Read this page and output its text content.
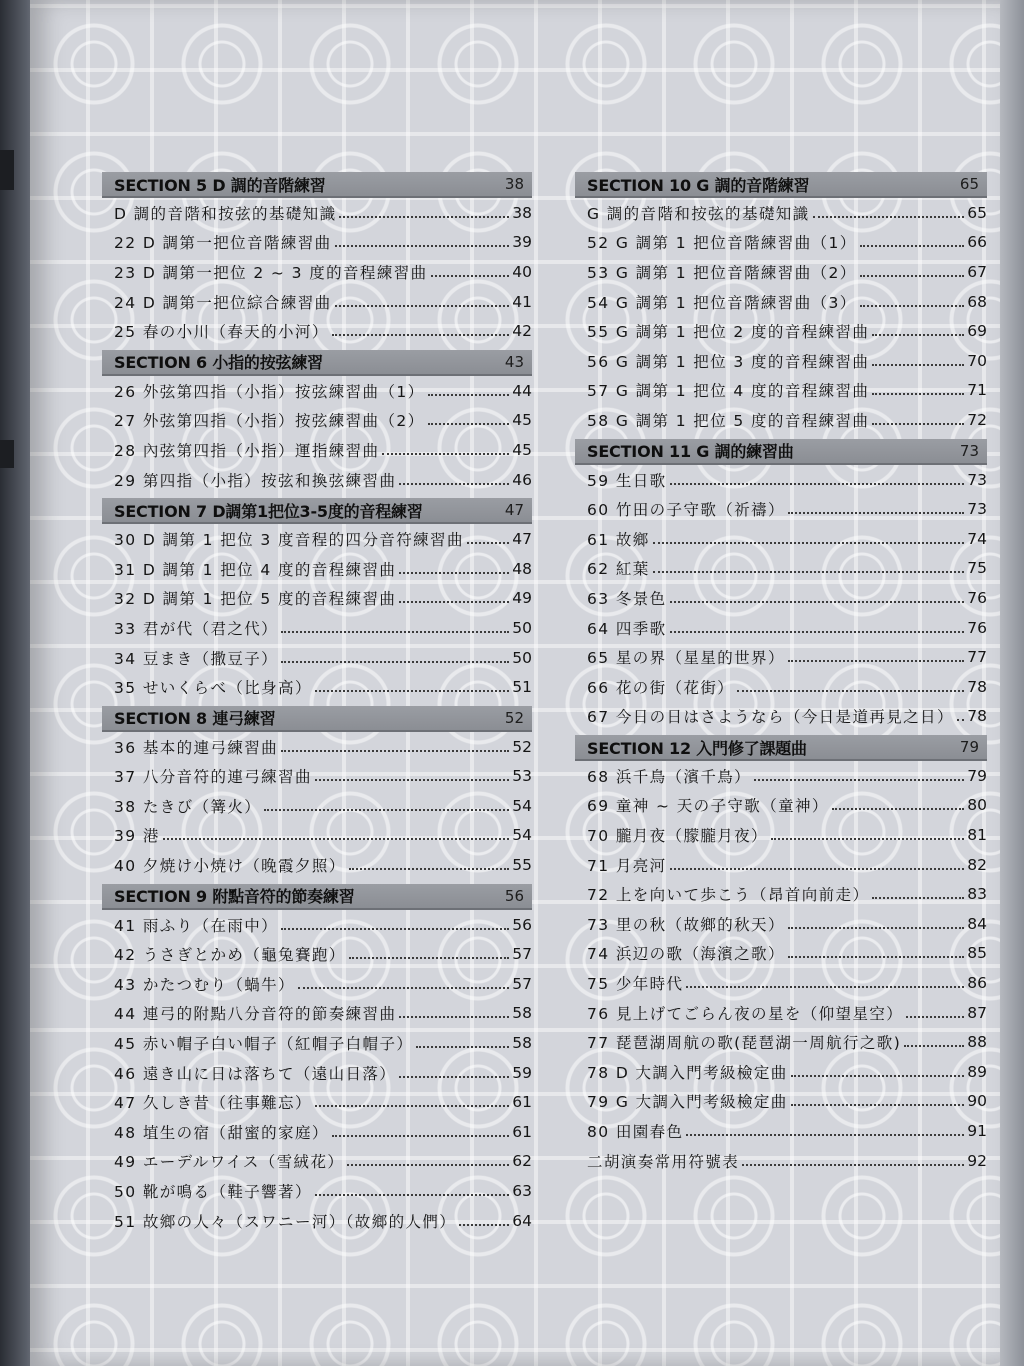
SECTION 5 D 調的音階練習	38
D 調的音階和按弦的基礎知識	38
22 D 調第一把位音階練習曲	39
23 D 調第一把位 2 ~ 3 度的音程練習曲	40
24 D 調第一把位綜合練習曲	41
25 春の小川（春天的小河）	42
SECTION 6 小指的按弦練習	43
26 外弦第四指（小指）按弦練習曲（1）	44
27 外弦第四指（小指）按弦練習曲（2）	45
28 內弦第四指（小指）運指練習曲	45
29 第四指（小指）按弦和換弦練習曲	46
SECTION 7 D調第1把位3-5度的音程練習	47
30 D 調第 1 把位 3 度音程的四分音符練習曲	47
31 D 調第 1 把位 4 度的音程練習曲	48
32 D 調第 1 把位 5 度的音程練習曲	49
33 君が代（君之代）	50
34 豆まき（撒豆子）	50
35 せいくらべ（比身高）	51
SECTION 8 連弓練習	52
36 基本的連弓練習曲	52
37 八分音符的連弓練習曲	53
38 たきび（篝火）	54
39 港	54
40 夕焼け小焼け（晚霞夕照）	55
SECTION 9 附點音符的節奏練習	56
41 雨ふり（在雨中）	56
42 うさぎとかめ（龜兔賽跑）	57
43 かたつむり（蝸牛）	57
44 連弓的附點八分音符的節奏練習曲	58
45 赤い帽子白い帽子（紅帽子白帽子）	58
46 遠き山に日は落ちて（遠山日落）	59
47 久しき昔（往事難忘）	61
48 埴生の宿（甜蜜的家庭）	61
49 エーデルワイス（雪絨花）	62
50 靴が鳴る（鞋子響著）	63
51 故鄉の人々（スワニー河）（故鄉的人們）	64
SECTION 10 G 調的音階練習	65
G 調的音階和按弦的基礎知識	65
52 G 調第 1 把位音階練習曲（1）	66
53 G 調第 1 把位音階練習曲（2）	67
54 G 調第 1 把位音階練習曲（3）	68
55 G 調第 1 把位 2 度的音程練習曲	69
56 G 調第 1 把位 3 度的音程練習曲	70
57 G 調第 1 把位 4 度的音程練習曲	71
58 G 調第 1 把位 5 度的音程練習曲	72
SECTION 11 G 調的練習曲	73
59 生日歌	73
60 竹田の子守歌（祈禱）	73
61 故鄉	74
62 紅葉	75
63 冬景色	76
64 四季歌	76
65 星の界（星星的世界）	77
66 花の街（花街）	78
67 今日の日はさようなら（今日是道再見之日） 78
SECTION 12 入門修了課題曲	79
68 浜千鳥（濱千鳥）	79
69 童神 ~ 天の子守歌（童神）	80
70 朧月夜（朦朧月夜）	81
71 月亮河	82
72 上を向いて歩こう（昂首向前走）	83
73 里の秋（故鄉的秋天）	84
74 浜辺の歌（海濱之歌）	85
75 少年時代	86
76 見上げてごらん夜の星を（仰望星空）	87
77 琵琶湖周航の歌(琵琶湖一周航行之歌)	88
78 D 大調入門考級檢定曲	89
79 G 大調入門考級檢定曲	90
80 田園春色	91
二胡演奏常用符號表	92
